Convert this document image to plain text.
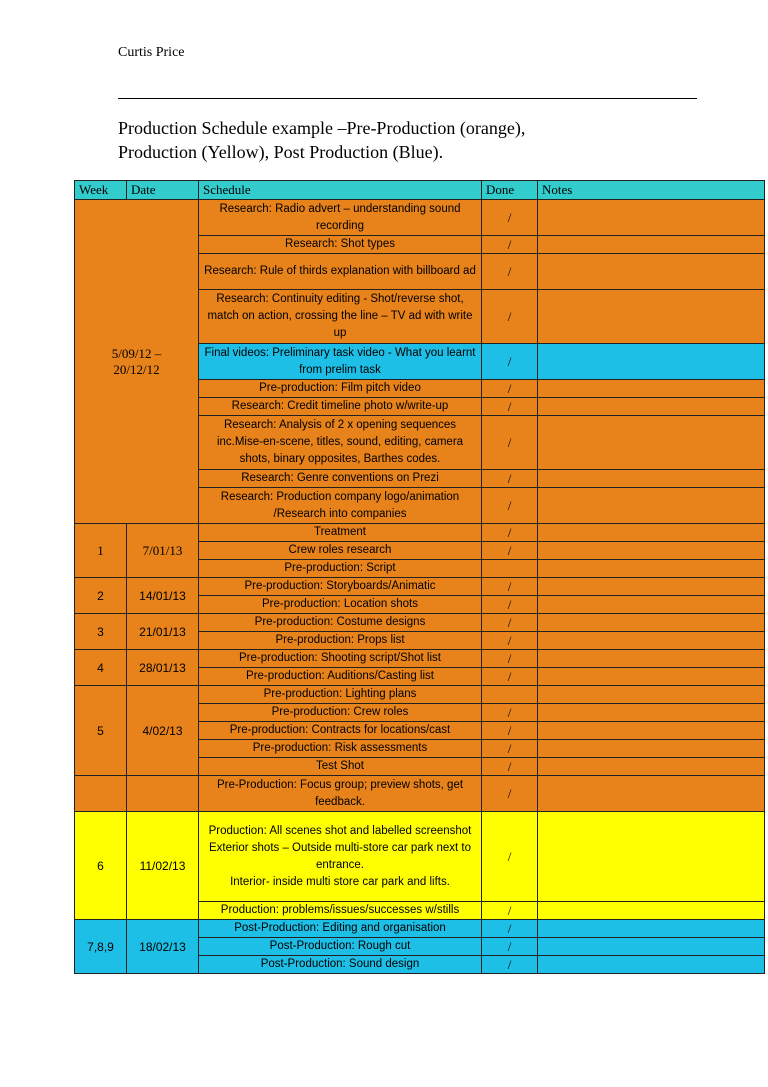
Curtis Price
Production Schedule example –Pre-Production (orange),
Production (Yellow), Post Production (Blue).
Week	Date	Schedule	Done	Notes
5/09/12 –
20/12/12		Research: Radio advert – understanding sound recording	/	
		Research: Shot types	/	
		Research: Rule of thirds explanation with billboard ad	/	
		Research: Continuity editing - Shot/reverse shot, match on action, crossing the line – TV ad with write up	/	
		Final videos: Preliminary task video - What you learnt from prelim task	/	
		Pre-production: Film pitch video	/	
		Research: Credit timeline photo w/write-up	/	
		Research: Analysis of 2 x opening sequences inc.Mise-en-scene, titles, sound, editing, camera shots, binary opposites, Barthes codes.	/	
		Research: Genre conventions on Prezi	/	
		Research: Production company logo/animation /Research into companies	/	
1	7/01/13	Treatment	/	
		Crew roles research	/	
		Pre-production: Script		
2	14/01/13	Pre-production: Storyboards/Animatic	/	
		Pre-production: Location shots	/	
3	21/01/13	Pre-production: Costume designs	/	
		Pre-production: Props list	/	
4	28/01/13	Pre-production: Shooting script/Shot list	/	
		Pre-production: Auditions/Casting list	/	
5	4/02/13	Pre-production: Lighting plans		
		Pre-production: Crew roles	/	
		Pre-production: Contracts for locations/cast	/	
		Pre-production: Risk assessments	/	
		Test Shot	/	
		Pre-Production: Focus group; preview shots, get feedback.	/	
6	11/02/13	Production: All scenes shot and labelled screenshot
Exterior shots – Outside multi-store car park next to entrance.
Interior- inside multi store car park and lifts.	/	
		Production: problems/issues/successes w/stills	/	
7,8,9	18/02/13	Post-Production: Editing and organisation	/	
		Post-Production: Rough cut	/	
		Post-Production: Sound design	/	
